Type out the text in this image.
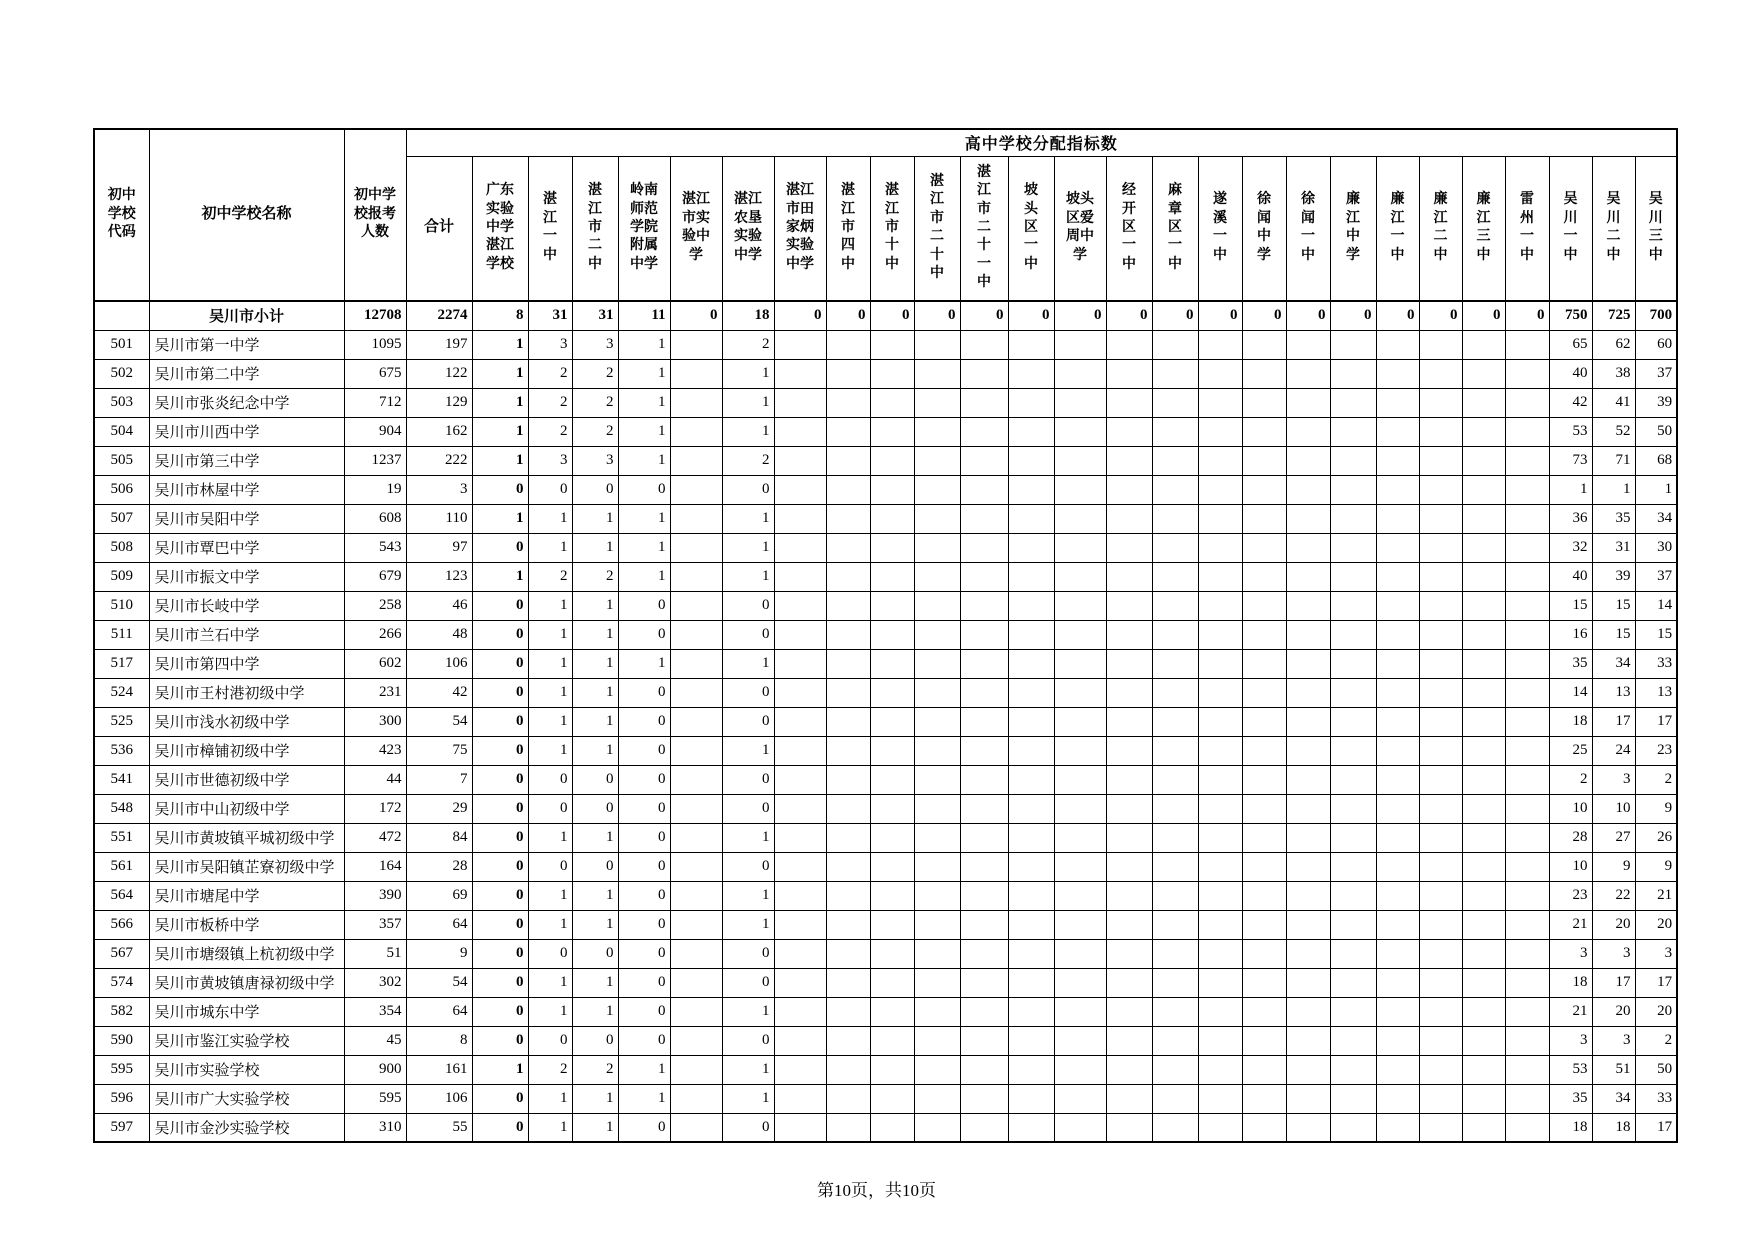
初中学校代码	初中学校名称	初中学校报考人数	高中学校分配指标数																										

			合计	广东实验中学湛江学校	湛江一中	湛江市二中	岭南师范学院附属中学	湛江市实验中学	湛江农垦实验中学	湛江市田家炳实验中学	湛江市四中	湛江市十中	湛江市二十中	湛江市二十一中	坡头区一中	坡头区爱周中学	经开区一中	麻章区一中	遂溪一中	徐闻中学	徐闻一中	廉江中学	廉江一中	廉江二中	廉江三中	雷州一中	吴川一中	吴川二中	吴川三中

	吴川市小计	12708	2274	8	31	31	11	0	18	0	0	0	0	0	0	0	0	0	0	0	0	0	0	0	0	0	750	725	700
501	吴川市第一中学	1095	197	1	3	3	1		2																		65	62	60
502	吴川市第二中学	675	122	1	2	2	1		1																		40	38	37
503	吴川市张炎纪念中学	712	129	1	2	2	1		1																		42	41	39
504	吴川市川西中学	904	162	1	2	2	1		1																		53	52	50
505	吴川市第三中学	1237	222	1	3	3	1		2																		73	71	68
506	吴川市林屋中学	19	3	0	0	0	0		0																		1	1	1
507	吴川市吴阳中学	608	110	1	1	1	1		1																		36	35	34
508	吴川市覃巴中学	543	97	0	1	1	1		1																		32	31	30
509	吴川市振文中学	679	123	1	2	2	1		1																		40	39	37
510	吴川市长岐中学	258	46	0	1	1	0		0																		15	15	14
511	吴川市兰石中学	266	48	0	1	1	0		0																		16	15	15
517	吴川市第四中学	602	106	0	1	1	1		1																		35	34	33
524	吴川市王村港初级中学	231	42	0	1	1	0		0																		14	13	13
525	吴川市浅水初级中学	300	54	0	1	1	0		0																		18	17	17
536	吴川市樟铺初级中学	423	75	0	1	1	0		1																		25	24	23
541	吴川市世德初级中学	44	7	0	0	0	0		0																		2	3	2
548	吴川市中山初级中学	172	29	0	0	0	0		0																		10	10	9
551	吴川市黄坡镇平城初级中学	472	84	0	1	1	0		1																		28	27	26
561	吴川市吴阳镇芷寮初级中学	164	28	0	0	0	0		0																		10	9	9
564	吴川市塘尾中学	390	69	0	1	1	0		1																		23	22	21
566	吴川市板桥中学	357	64	0	1	1	0		1																		21	20	20
567	吴川市塘缀镇上杭初级中学	51	9	0	0	0	0		0																		3	3	3
574	吴川市黄坡镇唐禄初级中学	302	54	0	1	1	0		0																		18	17	17
582	吴川市城东中学	354	64	0	1	1	0		1																		21	20	20
590	吴川市鉴江实验学校	45	8	0	0	0	0		0																		3	3	2
595	吴川市实验学校	900	161	1	2	2	1		1																		53	51	50
596	吴川市广大实验学校	595	106	0	1	1	1		1																		35	34	33
597	吴川市金沙实验学校	310	55	0	1	1	0		0																		18	18	17
第10页，共10页
